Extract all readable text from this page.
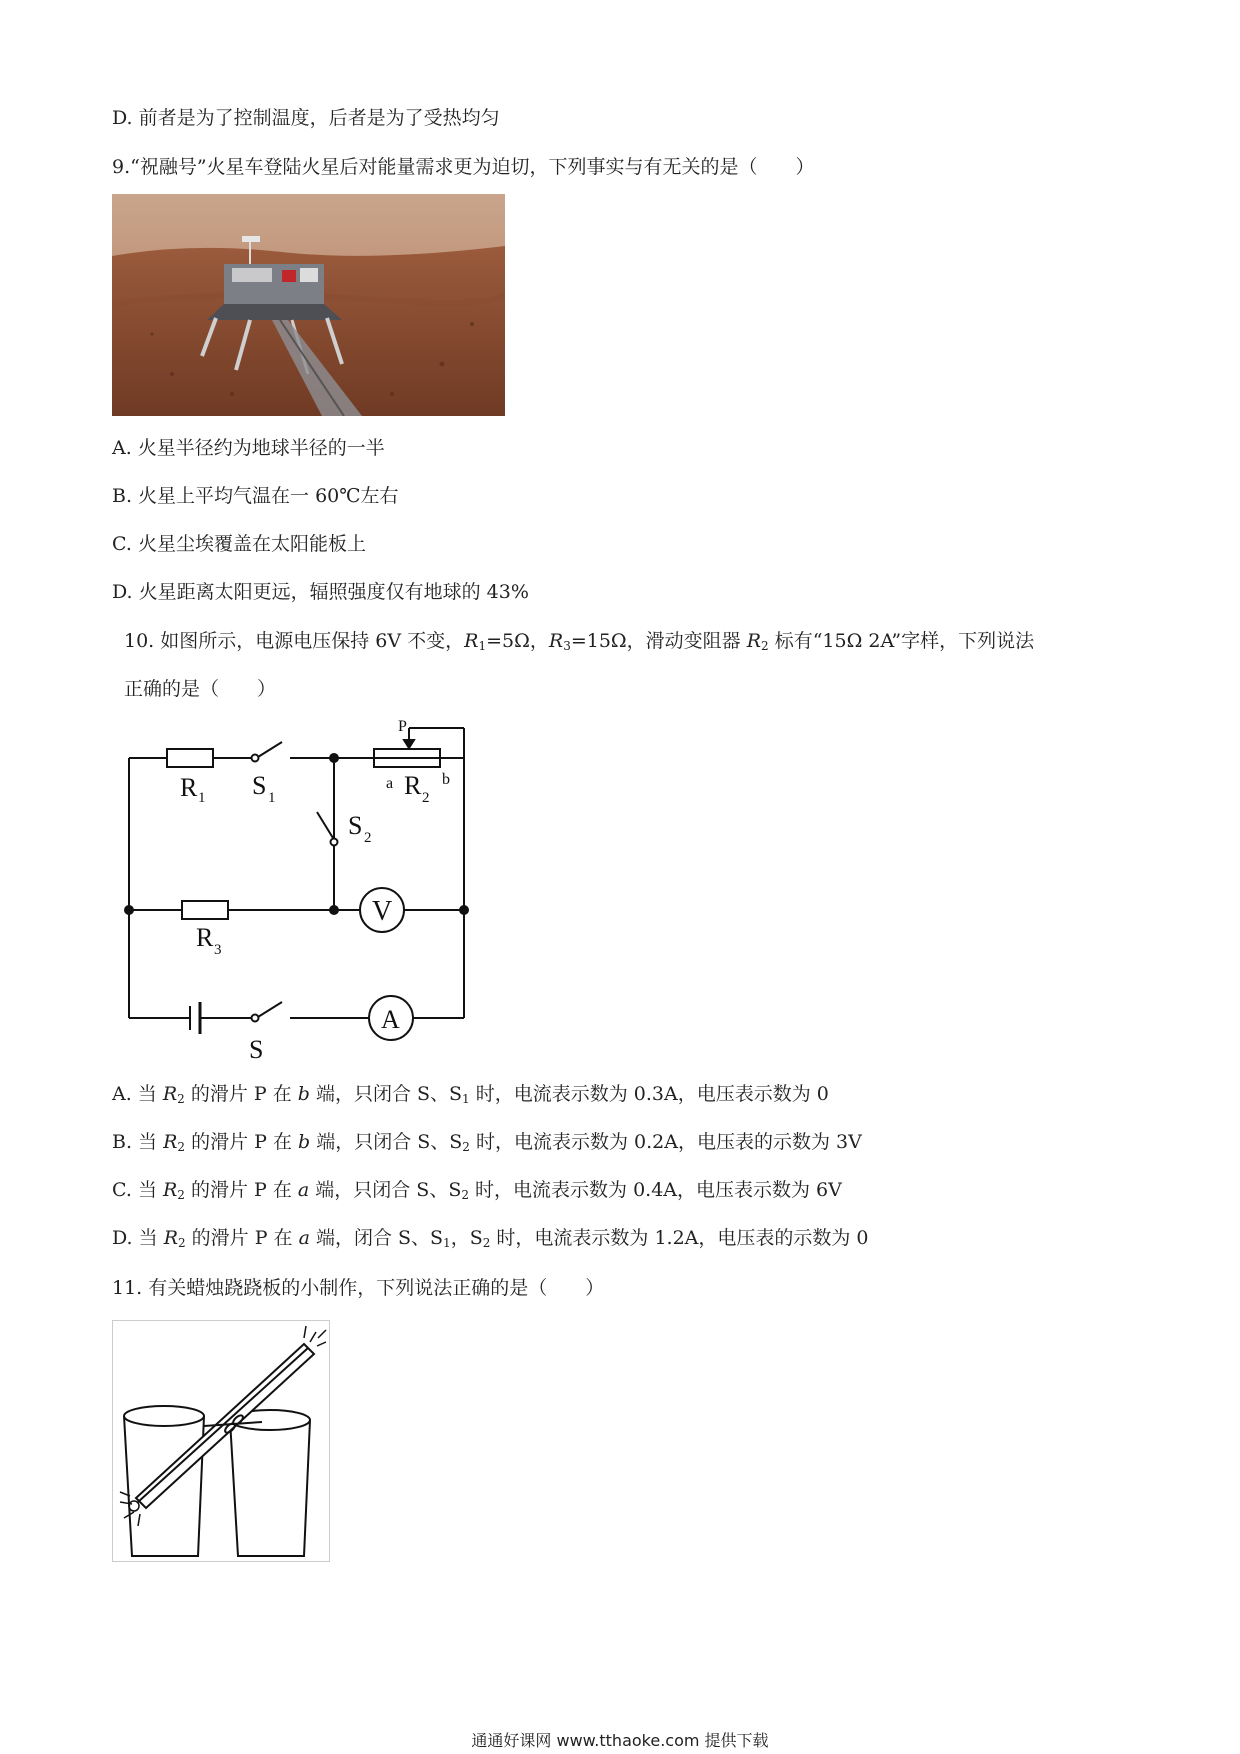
D. 前者是为了控制温度，后者是为了受热均匀
9.“祝融号”火星车登陆火星后对能量需求更为迫切，下列事实与有无关的是（　　）
A. 火星半径约为地球半径的一半
B. 火星上平均气温在一 60℃左右
C. 火星尘埃覆盖在太阳能板上
D. 火星距离太阳更远，辐照强度仅有地球的 43%
10. 如图所示，电源电压保持 6V 不变，$R_1=5\Omega$，$R_3=15\Omega$，滑动变阻器 $R_2$ 标有“15Ω 2A”字样，下列说法
正确的是（　　）
R 1 S 1
P
a R 2
b
S 2
R 3
V
A
S
A. 当 $R_2$ 的滑片 P 在 b 端，只闭合 S、$S_1$ 时，电流表示数为 0.3A，电压表示数为 0
B. 当 $R_2$ 的滑片 P 在 b 端，只闭合 S、$S_2$ 时，电流表示数为 0.2A，电压表的示数为 3V
C. 当 $R_2$ 的滑片 P 在 a 端，只闭合 S、$S_2$ 时，电流表示数为 0.4A，电压表示数为 6V
D. 当 $R_2$ 的滑片 P 在 a 端，闭合 S、$S_1$，$S_2$ 时，电流表示数为 1.2A，电压表的示数为 0
11. 有关蜡烛跷跷板的小制作，下列说法正确的是（　　）
通通好课网 www.tthaoke.com 提供下载
